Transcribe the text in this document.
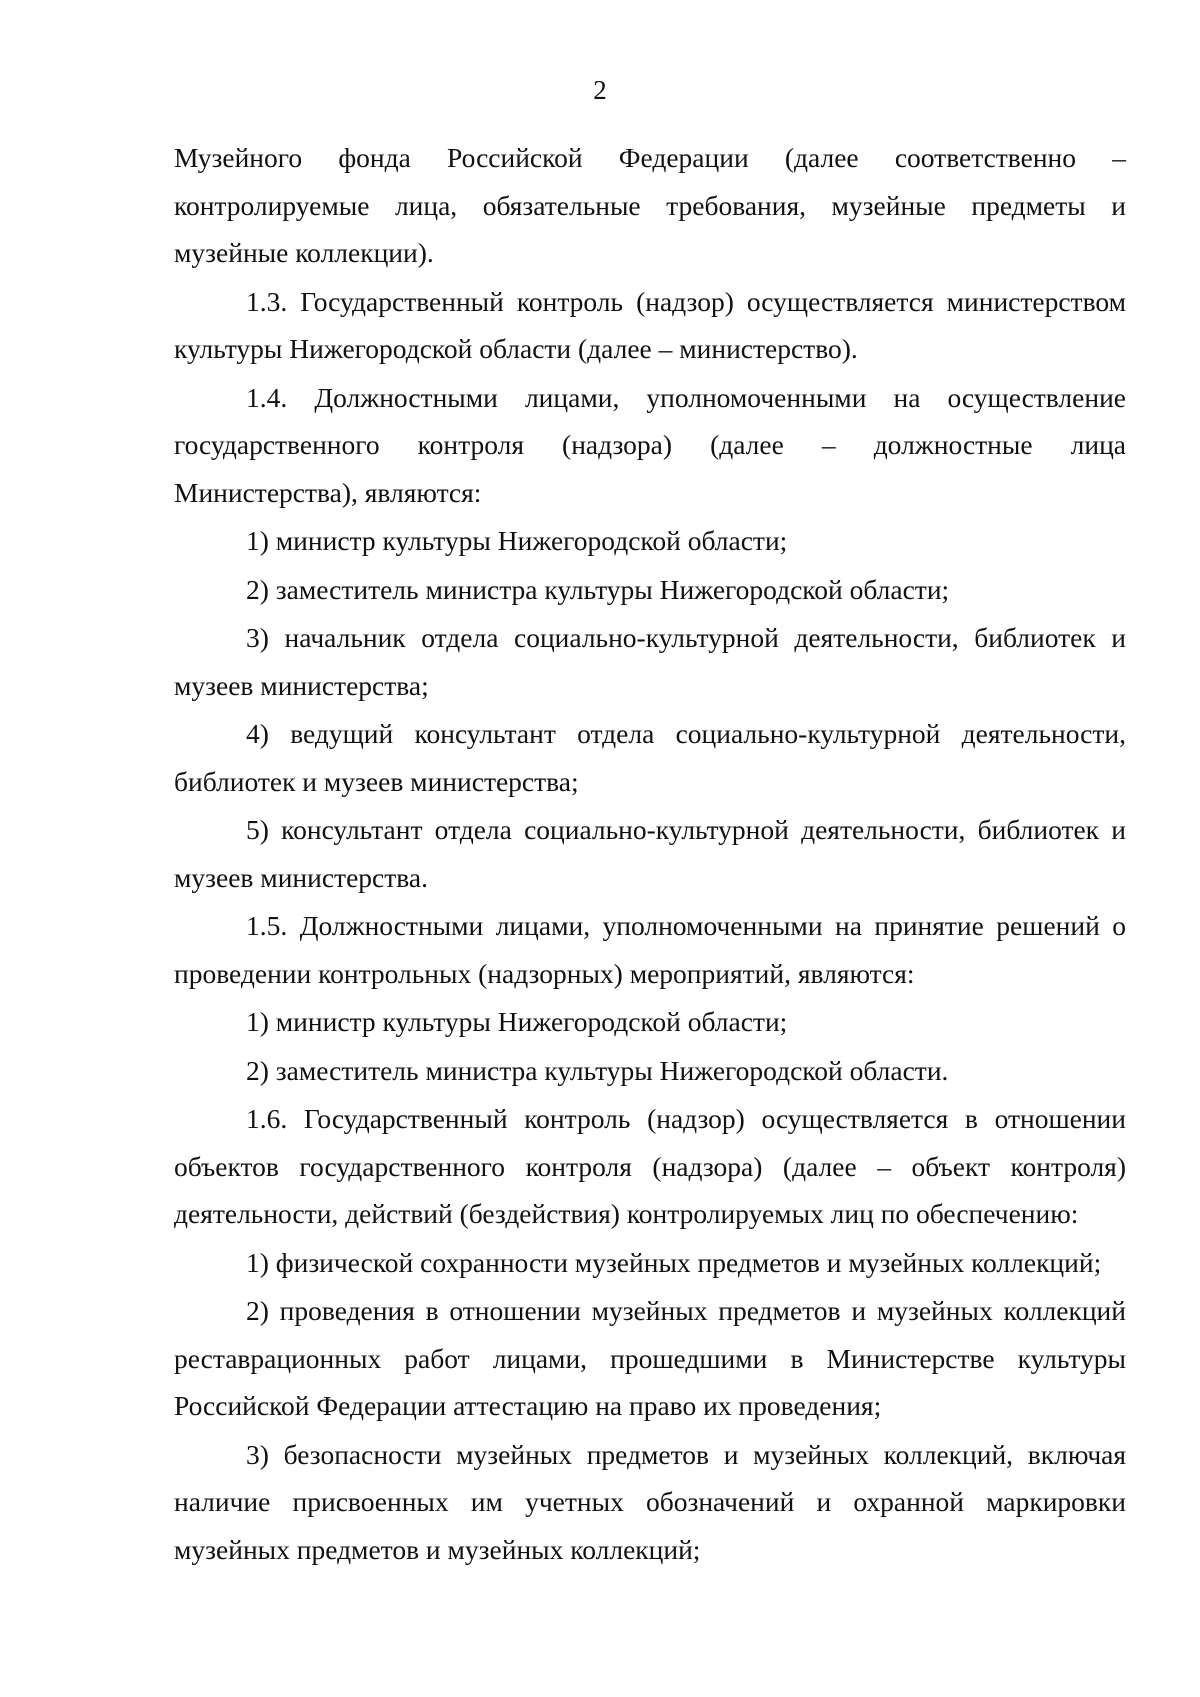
2

Музейного фонда Российской Федерации (далее соответственно – контролируемые лица, обязательные требования, музейные предметы и музейные коллекции).

1.3. Государственный контроль (надзор) осуществляется министерством культуры Нижегородской области (далее – министерство).

1.4. Должностными лицами, уполномоченными на осуществление государственного контроля (надзора) (далее – должностные лица Министерства), являются:

1) министр культуры Нижегородской области;

2) заместитель министра культуры Нижегородской области;

3) начальник отдела социально-культурной деятельности, библиотек и музеев министерства;

4) ведущий консультант отдела социально-культурной деятельности, библиотек и музеев министерства;

5) консультант отдела социально-культурной деятельности, библиотек и музеев министерства.

1.5. Должностными лицами, уполномоченными на принятие решений о проведении контрольных (надзорных) мероприятий, являются:

1) министр культуры Нижегородской области;

2) заместитель министра культуры Нижегородской области.

1.6. Государственный контроль (надзор) осуществляется в отношении объектов государственного контроля (надзора) (далее – объект контроля) деятельности, действий (бездействия) контролируемых лиц по обеспечению:

1) физической сохранности музейных предметов и музейных коллекций;

2) проведения в отношении музейных предметов и музейных коллекций реставрационных работ лицами, прошедшими в Министерстве культуры Российской Федерации аттестацию на право их проведения;

3) безопасности музейных предметов и музейных коллекций, включая наличие присвоенных им учетных обозначений и охранной маркировки музейных предметов и музейных коллекций;
